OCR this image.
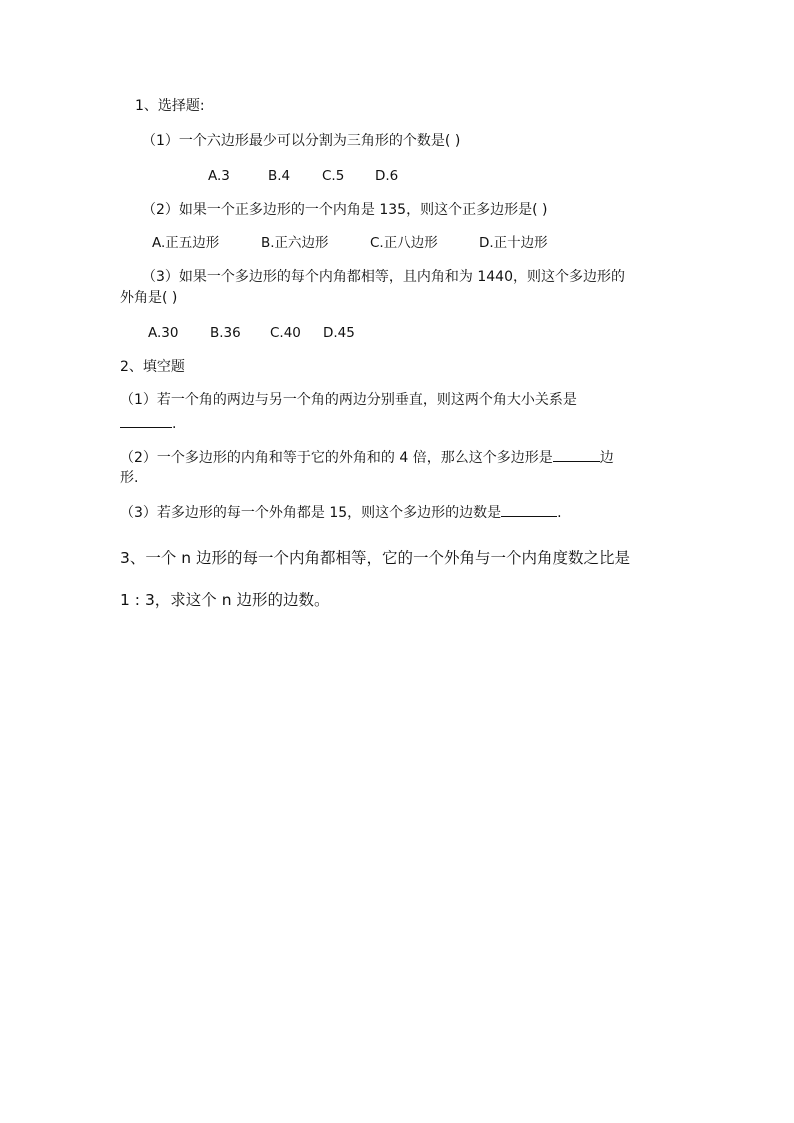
1、选择题:
（1）一个六边形最少可以分割为三角形的个数是( )
A.3	B.4 C.5 D.6
（2）如果一个正多边形的一个内角是 135，则这个正多边形是( )
A.正五边形	B.正六边形	C.正八边形	D.正十边形
（3）如果一个多边形的每个内角都相等，且内角和为 1440，则这个多边形的
外角是( )
A.30 B.36 C.40 D.45
2、填空题
（1）若一个角的两边与另一个角的两边分别垂直，则这两个角大小关系是
.
（2）一个多边形的内角和等于它的外角和的 4 倍，那么这个多边形是	边
形.
（3）若多边形的每一个外角都是 15，则这个多边形的边数是	.
3、一个 n 边形的每一个内角都相等，它的一个外角与一个内角度数之比是
1 : 3，求这个 n 边形的边数。
